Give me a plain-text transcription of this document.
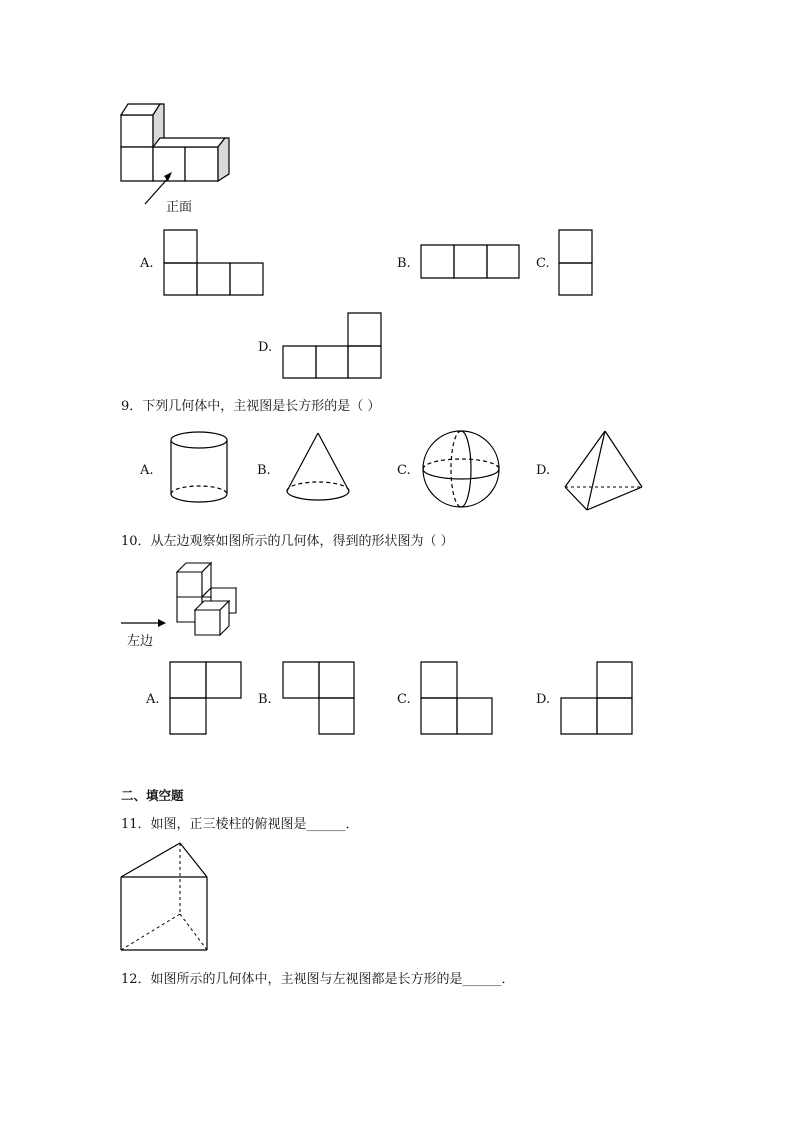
正面
A.	B.	C.
D.
9．下列几何体中，主视图是长方形的是（ ）
A.	B.	C.	D.
10．从左边观察如图所示的几何体，得到的形状图为（ ）
左边
A.	B.	C.	D.
二、填空题
11．如图，正三棱柱的俯视图是______．
12．如图所示的几何体中，主视图与左视图都是长方形的是______．
